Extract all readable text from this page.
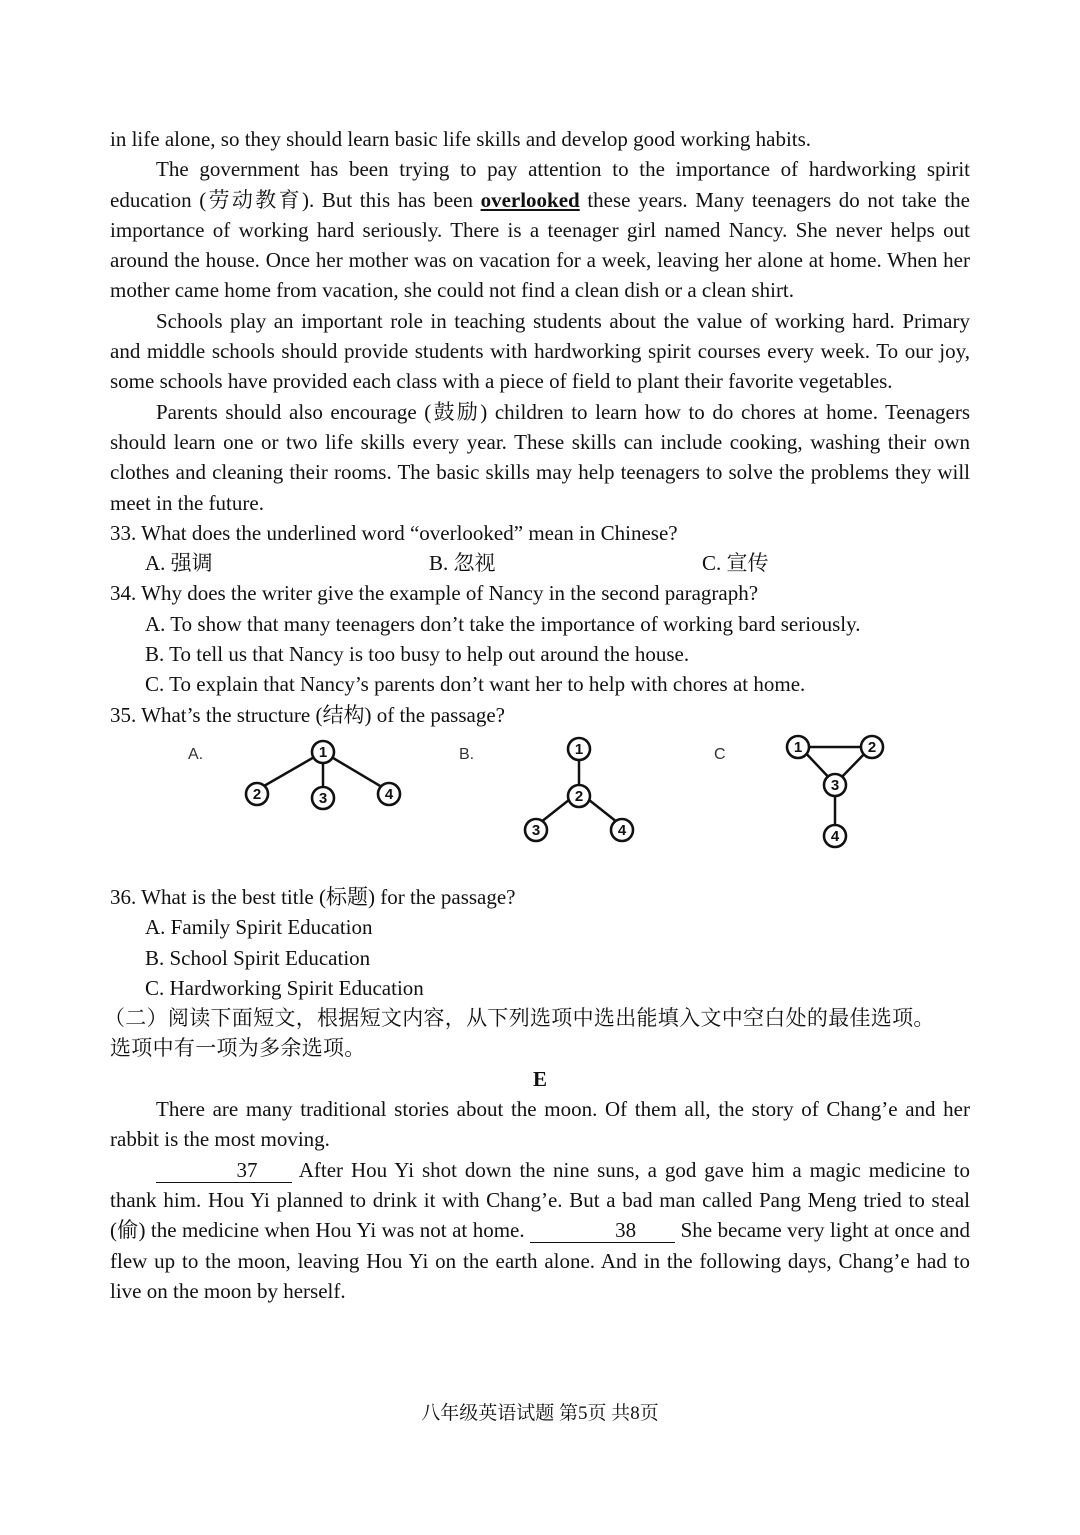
in life alone, so they should learn basic life skills and develop good working habits.

The government has been trying to pay attention to the importance of hardworking spirit education (劳动教育). But this has been overlooked these years. Many teenagers do not take the importance of working hard seriously. There is a teenager girl named Nancy. She never helps out around the house. Once her mother was on vacation for a week, leaving her alone at home. When her mother came home from vacation, she could not find a clean dish or a clean shirt.

Schools play an important role in teaching students about the value of working hard. Primary and middle schools should provide students with hardworking spirit courses every week. To our joy, some schools have provided each class with a piece of field to plant their favorite vegetables.

Parents should also encourage (鼓励) children to learn how to do chores at home. Teenagers should learn one or two life skills every year. These skills can include cooking, washing their own clothes and cleaning their rooms. The basic skills may help teenagers to solve the problems they will meet in the future.

33. What does the underlined word “overlooked” mean in Chinese?

A. 强调	B. 忽视	C. 宣传

34. Why does the writer give the example of Nancy in the second paragraph?

A. To show that many teenagers don’t take the importance of working bard seriously.

B. To tell us that Nancy is too busy to help out around the house.

C. To explain that Nancy’s parents don’t want her to help with chores at home.

35. What’s the structure (结构) of the passage?

A.	B.	C
1
2	3	4
1
2
3	4
1	2
3
4

36. What is the best title (标题) for the passage?

A. Family Spirit Education

B. School Spirit Education

C. Hardworking Spirit Education

（二）阅读下面短文，根据短文内容，从下列选项中选出能填入文中空白处的最佳选项。

选项中有一项为多余选项。

E

There are many traditional stories about the moon. Of them all, the story of Chang’e and her rabbit is the most moving.

37 After Hou Yi shot down the nine suns, a god gave him a magic medicine to thank him. Hou Yi planned to drink it with Chang’e. But a bad man called Pang Meng tried to steal (偷) the medicine when Hou Yi was not at home.	38 She became very light at once and flew up to the moon, leaving Hou Yi on the earth alone. And in the following days, Chang’e had to live on the moon by herself.

八年级英语试题 第5页 共8页
